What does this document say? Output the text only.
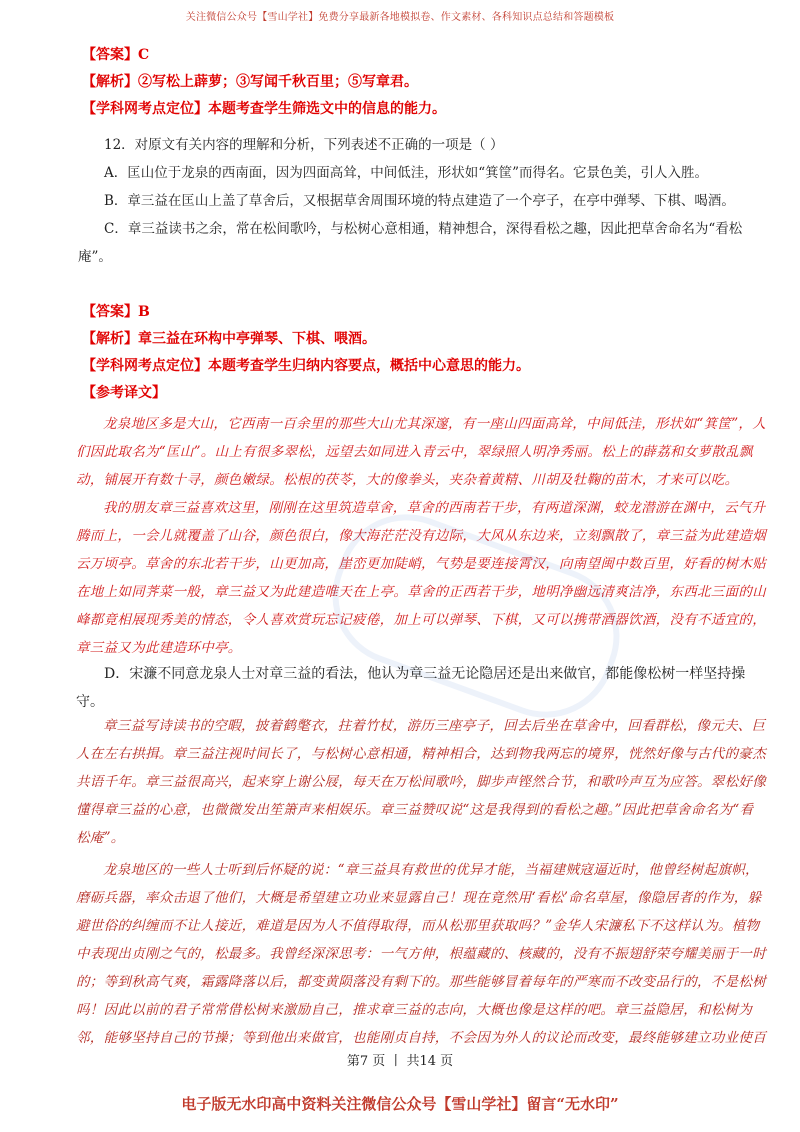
关注微信公众号【雪山学社】免费分享最新各地模拟卷、作文素材、各科知识点总结和答题模板
【答案】C
【解析】②写松上薜萝；③写闻千秋百里；⑤写章君。
【学科网考点定位】本题考查学生筛选文中的信息的能力。
12．对原文有关内容的理解和分析，下列表述不正确的一项是（ ）
A．匡山位于龙泉的西南面，因为四面高耸，中间低洼，形状如“箕筐”而得名。它景色美，引人入胜。
B．章三益在匡山上盖了草舍后，又根据草舍周围环境的特点建造了一个亭子，在亭中弹琴、下棋、喝酒。
C．章三益读书之余，常在松间歌吟，与松树心意相通，精神想合，深得看松之趣，因此把草舍命名为“看松
庵”。
【答案】B
【解析】章三益在环构中亭弹琴、下棋、喂酒。
【学科网考点定位】本题考查学生归纳内容要点，概括中心意思的能力。
【参考译文】

龙泉地区多是大山，它西南一百余里的那些大山尤其深邃，有一座山四面高耸，中间低洼，形状如“箕筐”，人们因此取名为“匡山”。山上有很多翠松，远望去如同进入青云中，翠绿照人明净秀丽。松上的薜荔和女萝散乱飘动，铺展开有数十寻，颜色嫩绿。松根的茯苓，大的像拳头，夹杂着黄精、川胡及牡鞠的苗木，才来可以吃。

我的朋友章三益喜欢这里，刚刚在这里筑造草舍，草舍的西南若干步，有两道深渊，蛟龙潜游在渊中，云气升腾而上，一会儿就覆盖了山谷，颜色很白，像大海茫茫没有边际，大风从东边来，立刻飘散了，章三益为此建造烟云万顷亭。草舍的东北若干步，山更加高，崖峦更加陡峭，气势是要连接霄汉，向南望闽中数百里，好看的树木贴在地上如同荠菜一般，章三益又为此建造唯天在上亭。草舍的正西若干步，地明净幽远清爽洁净，东西北三面的山峰都竟相展现秀美的情态，令人喜欢赏玩忘记疲倦，加上可以弹琴、下棋，又可以携带酒器饮酒，没有不适宜的，章三益又为此建造环中亭。

D．宋濂不同意龙泉人士对章三益的看法，他认为章三益无论隐居还是出来做官，都能像松树一样坚持操守。

章三益写诗读书的空暇，披着鹤氅衣，拄着竹杖，游历三座亭子，回去后坐在草舍中，回看群松，像元夫、巨人在左右拱揖。章三益注视时间长了，与松树心意相通，精神相合，达到物我两忘的境界，恍然好像与古代的豪杰共语千年。章三益很高兴，起来穿上谢公屐，每天在万松间歌吟，脚步声铿然合节，和歌吟声互为应答。翠松好像懂得章三益的心意，也微微发出笙箫声来相娱乐。章三益赞叹说“这是我得到的看松之趣。”因此把草舍命名为“看松庵”。

龙泉地区的一些人士听到后怀疑的说：“章三益具有救世的优异才能，当福建贼寇逼近时，他曾经树起旗帜，磨砺兵器，率众击退了他们，大概是希望建立功业来显露自己！现在竟然用‘看松’命名草屋，像隐居者的作为，躲避世俗的纠缠而不让人接近，难道是因为人不值得取得，而从松那里获取吗？”金华人宋濂私下不这样认为。植物中表现出贞刚之气的，松最多。我曾经深深思考：一气方伸，根蕴藏的、核藏的，没有不振翅舒荣夸耀美丽于一时的；等到秋高气爽，霜露降落以后，都变黄陨落没有剩下的。那些能够冒着每年的严寒而不改变品行的，不是松树吗！因此以前的君子常常借松树来激励自己，推求章三益的志向，大概也像是这样的吧。章三益隐居，和松树为邻，能够坚持自己的节操；等到他出来做官，也能刚贞自持，不会因为外人的议论而改变，最终能够建立功业使百

第7 页 丨 共14 页
电子版无水印高中资料关注微信公众号【雪山学社】留言“无水印”
